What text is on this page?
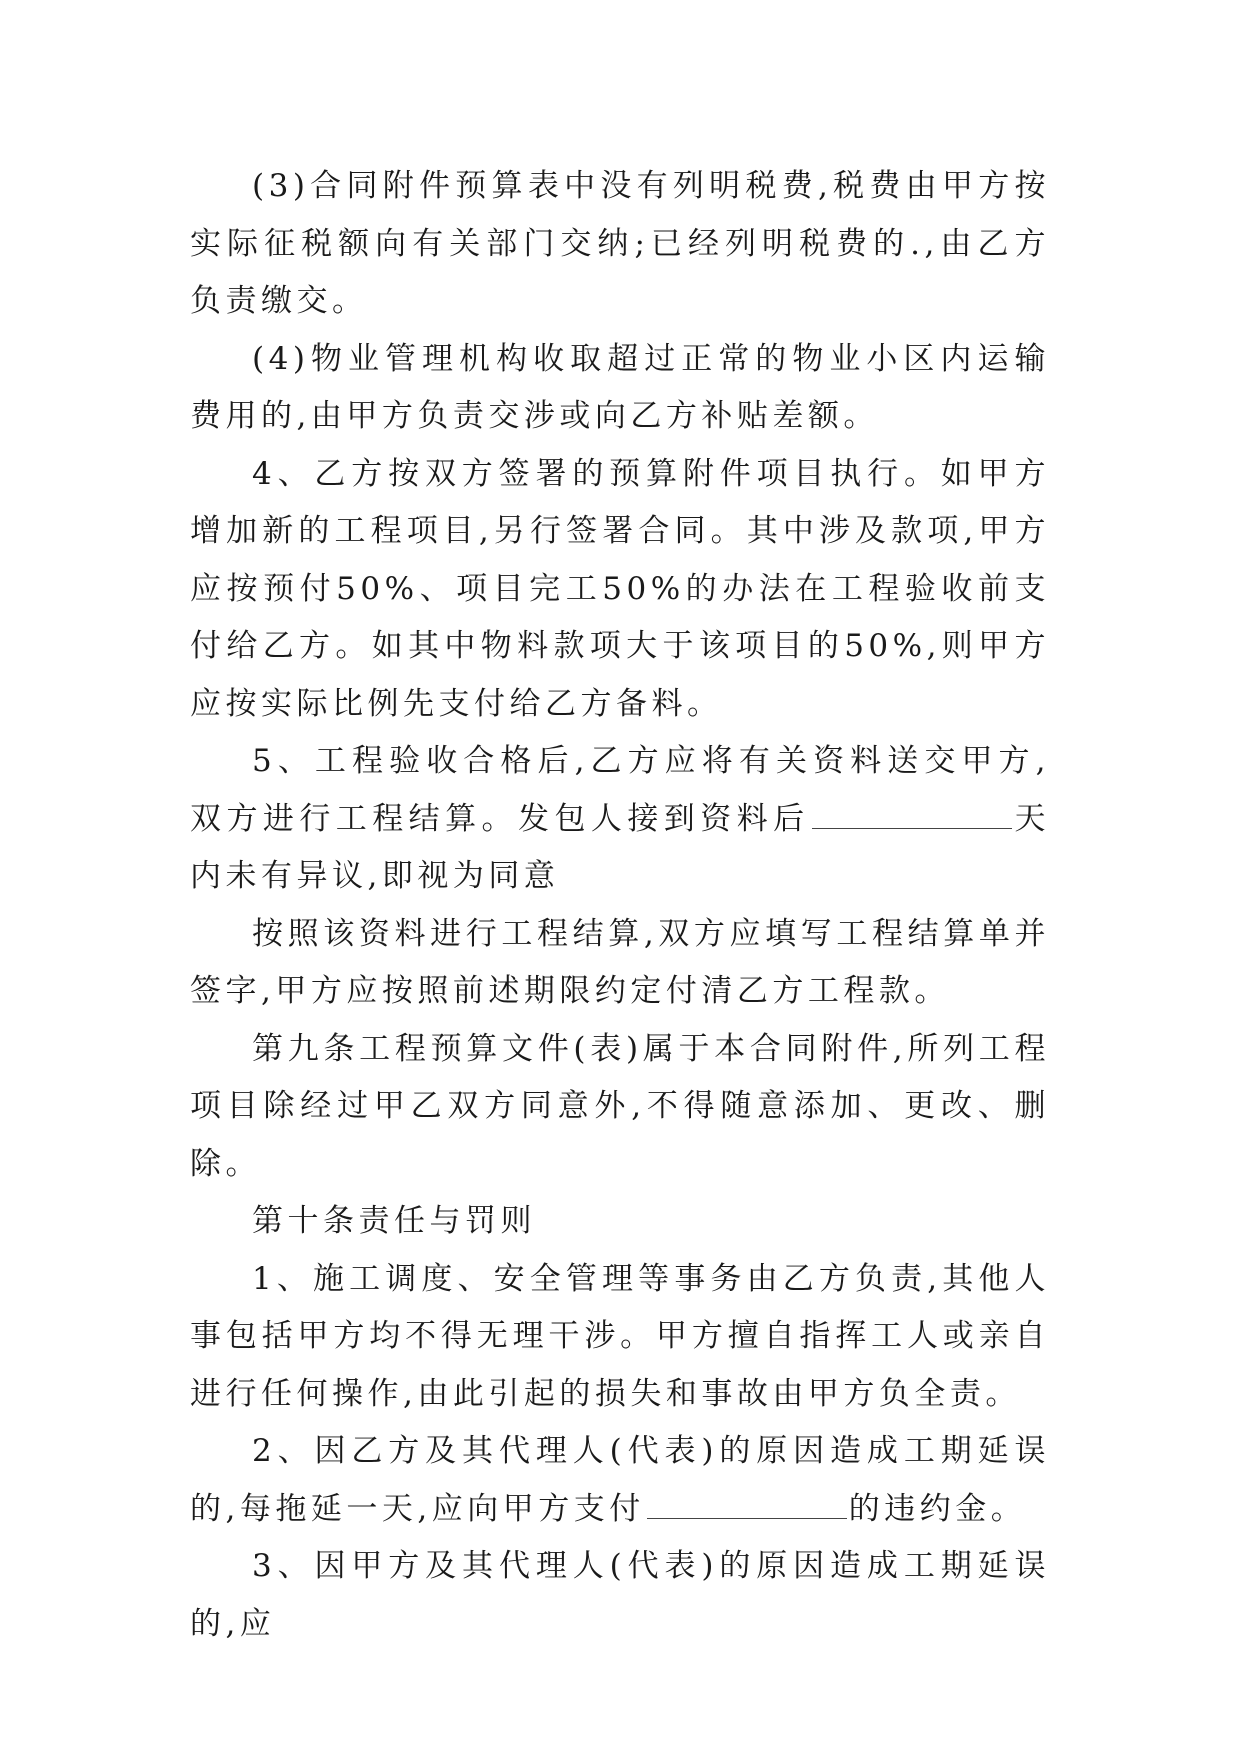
(3)合同附件预算表中没有列明税费,税费由甲方按实际征税额向有关部门交纳;已经列明税费的.,由乙方负责缴交。

(4)物业管理机构收取超过正常的物业小区内运输费用的,由甲方负责交涉或向乙方补贴差额。

4、乙方按双方签署的预算附件项目执行。如甲方增加新的工程项目,另行签署合同。其中涉及款项,甲方应按预付50%、项目完工50%的办法在工程验收前支付给乙方。如其中物料款项大于该项目的50%,则甲方应按实际比例先支付给乙方备料。

5、工程验收合格后,乙方应将有关资料送交甲方,双方进行工程结算。发包人接到资料后	天内未有异议,即视为同意

按照该资料进行工程结算,双方应填写工程结算单并签字,甲方应按照前述期限约定付清乙方工程款。

第九条工程预算文件(表)属于本合同附件,所列工程项目除经过甲乙双方同意外,不得随意添加、更改、删除。

第十条责任与罚则

1、施工调度、安全管理等事务由乙方负责,其他人事包括甲方均不得无理干涉。甲方擅自指挥工人或亲自进行任何操作,由此引起的损失和事故由甲方负全责。

2、因乙方及其代理人(代表)的原因造成工期延误的,每拖延一天,应向甲方支付	的违约金。

3、因甲方及其代理人(代表)的原因造成工期延误的,应
